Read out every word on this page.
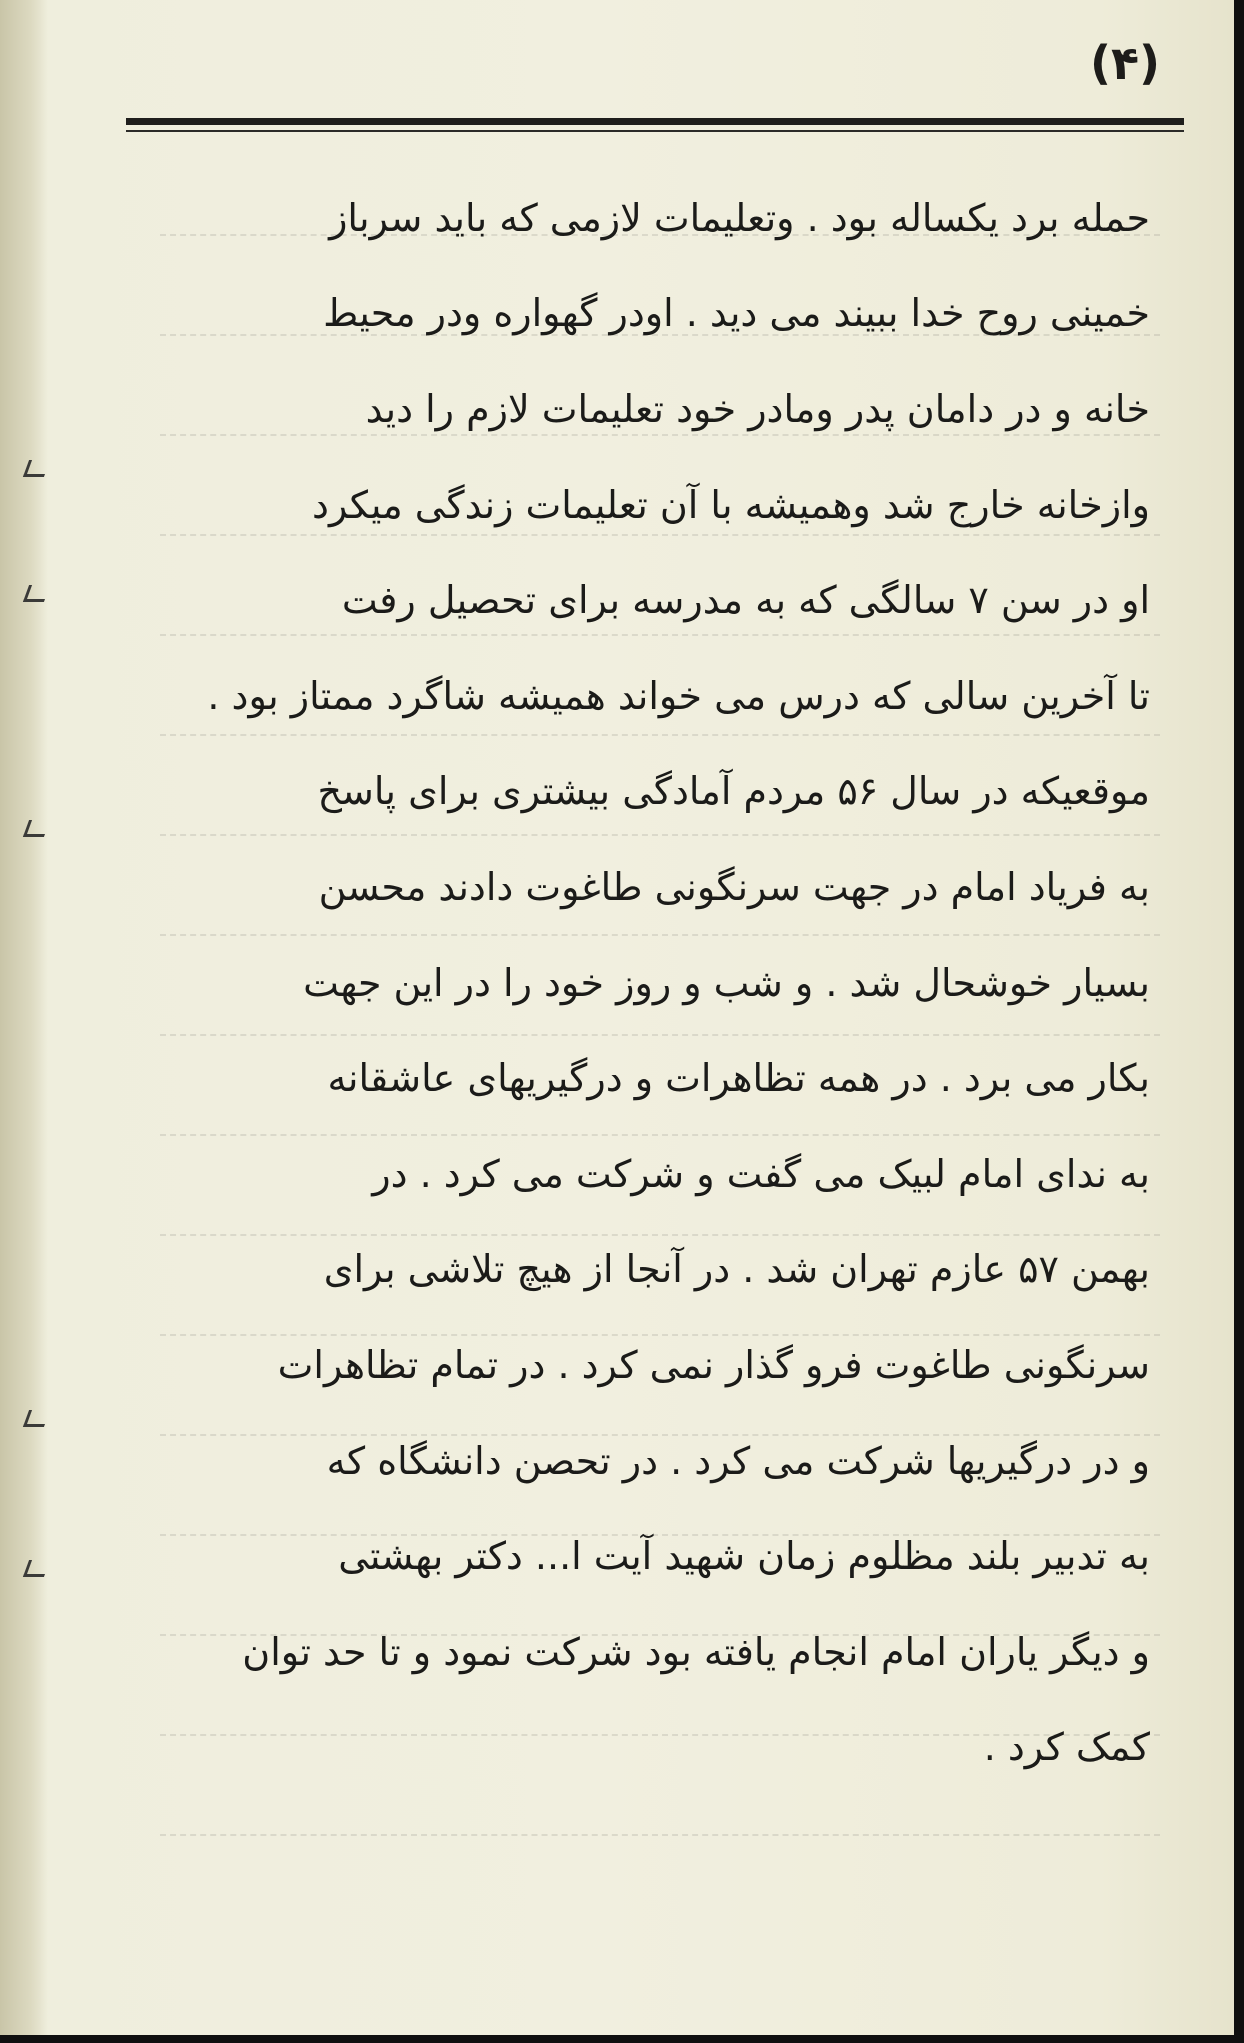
(۴)
حمله برد یکساله بود . وتعلیمات لازمی که باید سرباز
خمینی روح خدا ببیند می دید . اودر گهواره ودر محیط
خانه و در دامان پدر ومادر خود تعلیمات لازم را دید
وازخانه خارج شد وهمیشه با آن تعلیمات زندگی میکرد
او در سن ۷ سالگی که به مدرسه برای تحصیل رفت
تا آخرین سالی که درس می خواند همیشه شاگرد ممتاز بود .
موقعیکه در سال ۵۶ مردم آمادگی بیشتری برای پاسخ
به فریاد امام در جهت سرنگونی طاغوت دادند محسن
بسیار خوشحال شد . و شب و روز خود را در این جهت
بکار می برد . در همه تظاهرات و درگیریهای عاشقانه
به ندای امام لبیک می گفت و شرکت می کرد . در
بهمن ۵۷ عازم تهران شد . در آنجا از هیچ تلاشی برای
سرنگونی طاغوت فرو گذار نمی کرد . در تمام تظاهرات
و در درگیریها شرکت می کرد . در تحصن دانشگاه که
به تدبیر بلند مظلوم زمان شهید آیت ا... دکتر بهشتی
و دیگر یاران امام انجام یافته بود شرکت نمود و تا حد توان
کمک کرد .
